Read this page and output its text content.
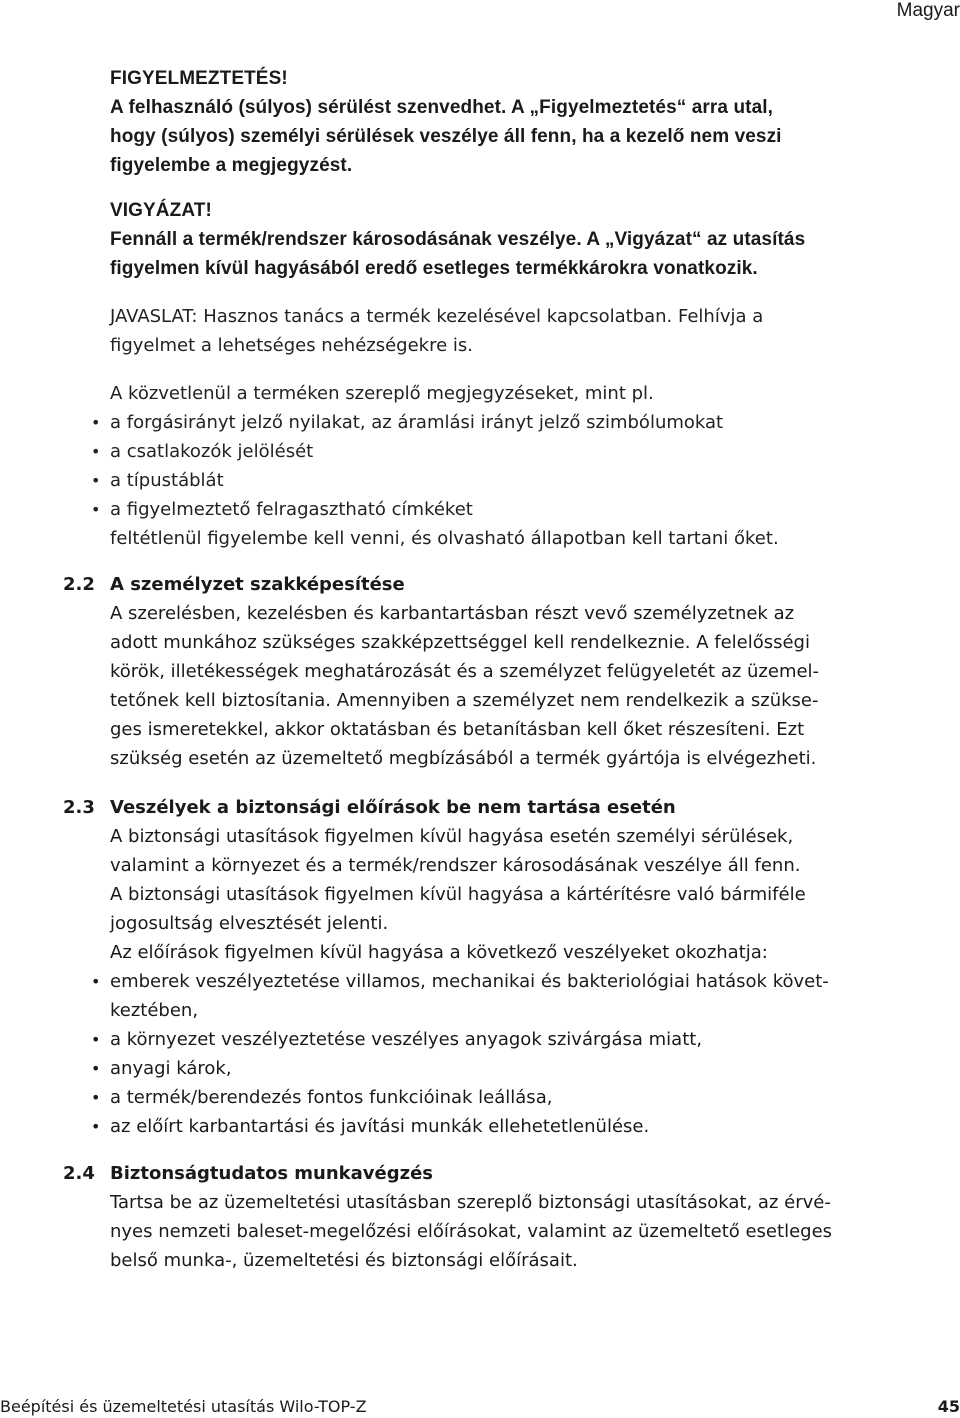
Magyar

FIGYELMEZTETÉS!

A felhasználó (súlyos) sérülést szenvedhet. A „Figyelmeztetés“ arra utal,

hogy (súlyos) személyi sérülések veszélye áll fenn, ha a kezelő nem veszi

figyelembe a megjegyzést.

VIGYÁZAT!

Fennáll a termék/rendszer károsodásának veszélye. A „Vigyázat“ az utasítás

figyelmen kívül hagyásából eredő esetleges termékkárokra vonatkozik.

JAVASLAT: Hasznos tanács a termék kezelésével kapcsolatban. Felhívja a

figyelmet a lehetséges nehézségekre is.

A közvetlenül a terméken szereplő megjegyzéseket, mint pl.

• a forgásirányt jelző nyilakat, az áramlási irányt jelző szimbólumokat
• a csatlakozók jelölését
• a típustáblát
• a figyelmeztető felragasztható címkéket

feltétlenül figyelembe kell venni, és olvasható állapotban kell tartani őket.

2.2 A személyzet szakképesítése

A szerelésben, kezelésben és karbantartásban részt vevő személyzetnek az

adott munkához szükséges szakképzettséggel kell rendelkeznie. A felelősségi

körök, illetékességek meghatározását és a személyzet felügyeletét az üzemel-

tetőnek kell biztosítania. Amennyiben a személyzet nem rendelkezik a szükse-

ges ismeretekkel, akkor oktatásban és betanításban kell őket részesíteni. Ezt

szükség esetén az üzemeltető megbízásából a termék gyártója is elvégezheti.

2.3 Veszélyek a biztonsági előírások be nem tartása esetén

A biztonsági utasítások figyelmen kívül hagyása esetén személyi sérülések,

valamint a környezet és a termék/rendszer károsodásának veszélye áll fenn.

A biztonsági utasítások figyelmen kívül hagyása a kártérítésre való bármiféle

jogosultság elvesztését jelenti.

Az előírások figyelmen kívül hagyása a következő veszélyeket okozhatja:

• emberek veszélyeztetése villamos, mechanikai és bakteriológiai hatások követ-
keztében,
• a környezet veszélyeztetése veszélyes anyagok szivárgása miatt,
• anyagi károk,
• a termék/berendezés fontos funkcióinak leállása,
• az előírt karbantartási és javítási munkák ellehetetlenülése.
2.4 Biztonságtudatos munkavégzés

Tartsa be az üzemeltetési utasításban szereplő biztonsági utasításokat, az érvé-

nyes nemzeti baleset-megelőzési előírásokat, valamint az üzemeltető esetleges

belső munka-, üzemeltetési és biztonsági előírásait.

Beépítési és üzemeltetési utasítás Wilo-TOP-Z	45
